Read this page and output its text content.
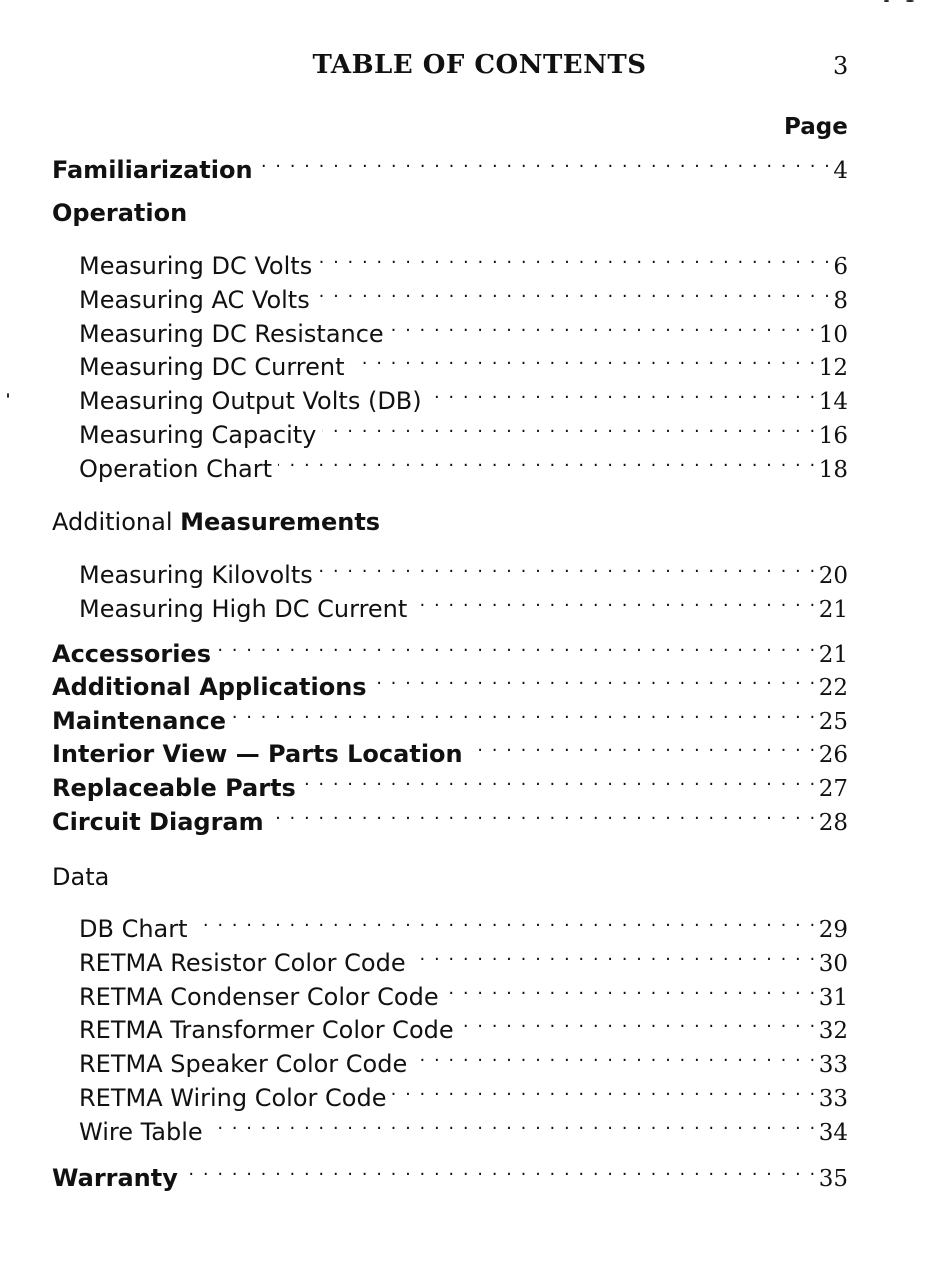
TABLE OF CONTENTS	3
Page
Familiarization . . .	4
Operation
Measuring DC Volts . . .	6
Measuring AC Volts . . .	8
Measuring DC Resistance . . .	10
Measuring DC Current . . .	12
Measuring Output Volts (DB) . . .	14
Measuring Capacity . . .	16
Operation Chart . . .	18
Additional Measurements
Measuring Kilovolts . . .	20
Measuring High DC Current . . .	21
Accessories . . .	21
Additional Applications . . .	22
Maintenance . . .	25
Interior View — Parts Location . . .	26
Replaceable Parts . . .	27
Circuit Diagram . . .	28
Data
DB Chart . . .	29
RETMA Resistor Color Code . . .	30
RETMA Condenser Color Code . . .	31
RETMA Transformer Color Code . . .	32
RETMA Speaker Color Code . . .	33
RETMA Wiring Color Code . . .	33
Wire Table . . .	34
Warranty . . .	35
